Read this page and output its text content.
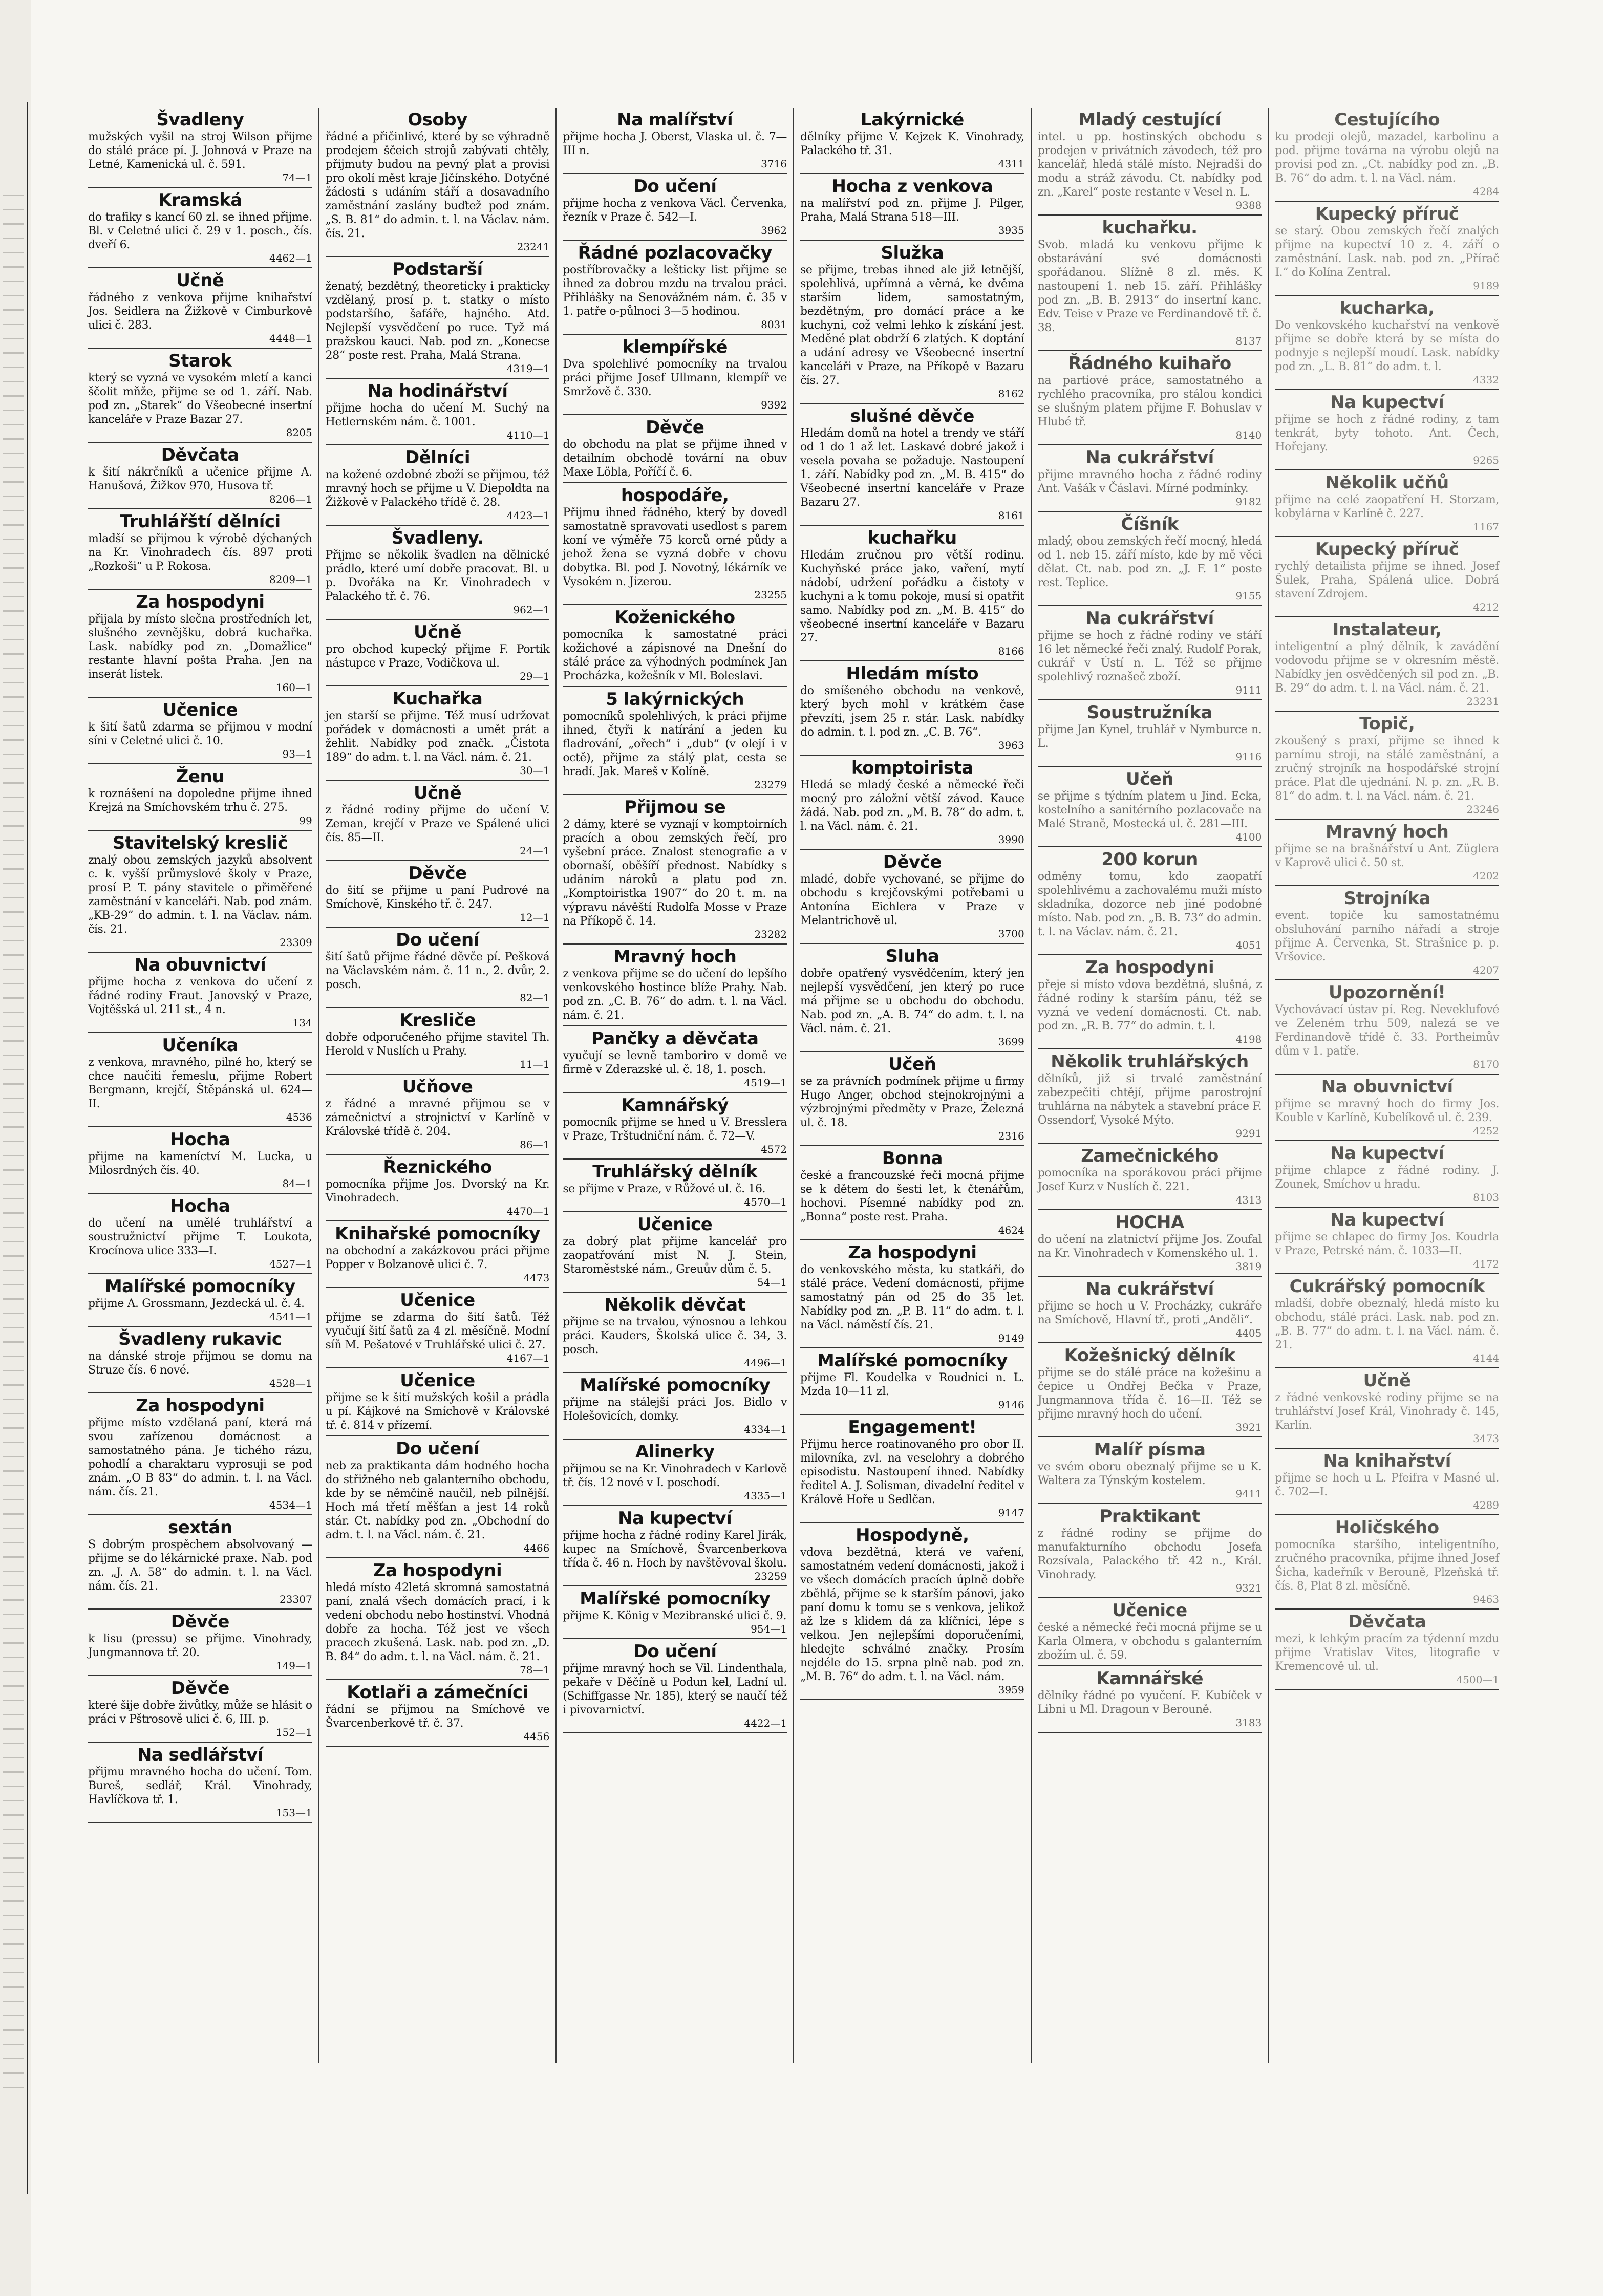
Švadleny

mužských vyšil na stroj Wilson přijme do stálé práce pí. J. Johnová v Praze na Letné, Kamenická ul. č. 591.

74—1

Kramská

do trafiky s kancí 60 zl. se ihned přijme. Bl. v Celetné ulici č. 29 v 1. posch., čís. dveří 6.

4462—1

Učně

řádného z venkova přijme knihařství Jos. Seidlera na Žižkově v Cimburkově ulici č. 283.

4448—1

Starok

který se vyzná ve vysokém mletí a kanci ščolit mňže, přijme se od 1. září. Nab. pod zn. „Starek“ do Všeobecné insertní kanceláře v Praze Bazar 27.

8205

Děvčata

k šití nákrčníků a učenice přijme A. Hanušová, Žižkov 970, Husova tř.

8206—1

Truhlářští dělníci

mladší se přijmou k výrobě dýchaných na Kr. Vinohradech čís. 897 proti „Rozkoši“ u P. Rokosa.

8209—1

Za hospodyni

přijala by místo slečna prostředních let, slušného zevnějšku, dobrá kuchařka. Lask. nabídky pod zn. „Domažlice“ restante hlavní pošta Praha. Jen na inserát lístek.

160—1

Učenice

k šití šatů zdarma se přijmou v modní síni v Celetné ulici č. 10.

93—1

Ženu

k roznášení na dopoledne přijme ihned Krejzá na Smíchovském trhu č. 275.

99

Stavitelský kreslič

znalý obou zemských jazyků absolvent c. k. vyšší průmyslové školy v Praze, prosí P. T. pány stavitele o přiměřené zaměstnání v kanceláři. Nab. pod znám. „KB-29“ do admin. t. l. na Václav. nám. čís. 21.

23309

Na obuvnictví

přijme hocha z venkova do učení z řádné rodiny Fraut. Janovský v Praze, Vojtěšská ul. 211 st., 4 n.

134

Učeníka

z venkova, mravného, pilné ho, který se chce naučiti řemeslu, přijme Robert Bergmann, krejčí, Štěpánská ul. 624—II.

4536

Hocha

přijme na kameníctví M. Lucka, u Milosrdných čís. 40.

84—1

Hocha

do učení na umělé truhlářství a soustružnictví přijme T. Loukota, Krocínova ulice 333—I.

4527—1

Malířské pomocníky

přijme A. Grossmann, Jezdecká ul. č. 4.

4541—1

Švadleny rukavic

na dánské stroje přijmou se domu na Struze čís. 6 nové.

4528—1

Za hospodyni

přijme místo vzdělaná paní, která má svou zařízenou domácnost a samostatného pána. Je tichého rázu, pohodlí a charaktaru vyprosuji se pod znám. „O B 83“ do admin. t. l. na Václ. nám. čís. 21.

4534—1

sextán

S dobrým prospěchem absolvovaný — přijme se do lékárnické praxe. Nab. pod zn. „J. A. 58“ do admin. t. l. na Václ. nám. čís. 21.

23307

Děvče

k lisu (pressu) se přijme. Vinohrady, Jungmannova tř. 20.

149—1

Děvče

které šije dobře živůtky, může se hlásit o práci v Pštrosově ulici č. 6, III. p.

152—1

Na sedlářství

přijmu mravného hocha do učení. Tom. Bureš, sedlář, Král. Vinohrady, Havlíčkova tř. 1.

153—1

Osoby

řádné a přičinlivé, které by se výhradně prodejem ščeich strojů zabývati chtěly, přijmuty budou na pevný plat a provisi pro okolí měst kraje Jičínského. Dotyčné žádosti s udáním stáří a dosavadního zaměstnání zaslány buďtež pod znám. „S. B. 81“ do admin. t. l. na Václav. nám. čís. 21.

23241

Podstarší

ženatý, bezdětný, theoreticky i prakticky vzdělaný, prosí p. t. statky o místo podstaršího, šafáře, hajného. Atd. Nejlepší vysvědčení po ruce. Tyž má pražskou kauci. Nab. pod zn. „Konecse 28“ poste rest. Praha, Malá Strana.

4319—1

Na hodinářství

přijme hocha do učení M. Suchý na Hetlernském nám. č. 1001.

4110—1

Dělníci

na kožené ozdobné zboží se přijmou, též mravný hoch se přijme u V. Diepoldta na Žižkově v Palackého třídě č. 28.

4423—1

Švadleny.

Přijme se několik švadlen na dělnické prádlo, které umí dobře pracovat. Bl. u p. Dvořáka na Kr. Vinohradech v Palackého tř. č. 76.

962—1

Učně

pro obchod kupecký přijme F. Portik nástupce v Praze, Vodičkova ul.

29—1

Kuchařka

jen starší se přijme. Též musí udržovat pořádek v domácnosti a umět prát a žehlit. Nabídky pod značk. „Čistota 189“ do adm. t. l. na Václ. nám. č. 21.

30—1

Učně

z řádné rodiny přijme do učení V. Zeman, krejčí v Praze ve Spálené ulici čís. 85—II.

24—1

Děvče

do šití se přijme u paní Pudrové na Smíchově, Kinského tř. č. 247.

12—1

Do učení

šití šatů přijme řádné děvče pí. Pešková na Václavském nám. č. 11 n., 2. dvůr, 2. posch.

82—1

Kresliče

dobře odporučeného přijme stavitel Th. Herold v Nuslích u Prahy.

11—1

Učňove

z řádné a mravné přijmou se v zámečnictví a strojnictví v Karlíně v Královské třídě č. 204.

86—1

Řeznického

pomocníka přijme Jos. Dvorský na Kr. Vinohradech.

4470—1

Knihařské pomocníky

na obchodní a zakázkovou práci přijme Popper v Bolzanově ulici č. 7.

4473

Učenice

přijme se zdarma do šití šatů. Též vyučují šití šatů za 4 zl. měsíčně. Modní síň M. Pešatové v Truhlářské ulici č. 27.

4167—1

Učenice

přijme se k šití mužských košil a prádla u pí. Kájkové na Smíchově v Královské tř. č. 814 v přízemí.

Do učení

neb za praktikanta dám hodného hocha do střižného neb galanterního obchodu, kde by se němčině naučil, neb pilnější. Hoch má třetí měšťan a jest 14 roků stár. Ct. nabídky pod zn. „Obchodní do adm. t. l. na Václ. nám. č. 21.

4466

Za hospodyni

hledá místo 42letá skromná samostatná paní, znalá všech domácích prací, i k vedení obchodu nebo hostinství. Vhodná dobře za hocha. Též jest ve všech pracech zkušená. Lask. nab. pod zn. „D. B. 84“ do adm. t. l. na Václ. nám. č. 21.

78—1

Kotlaři a zámečníci

řádní se přijmou na Smíchově ve Švarcenberkově tř. č. 37.

4456

Na malířství

přijme hocha J. Oberst, Vlaska ul. č. 7—III n.

3716

Do učení

přijme hocha z venkova Václ. Červenka, řezník v Praze č. 542—I.

3962

Řádné pozlacovačky

postříbrovačky a lešticky list přijme se ihned za dobrou mzdu na trvalou práci. Přihlášky na Senovážném nám. č. 35 v 1. patře o-půlnoci 3—5 hodinou.

8031

klempířské

Dva spolehlivé pomocníky na trvalou práci přijme Josef Ullmann, klempíř ve Smržově č. 330.

9392

Děvče

do obchodu na plat se přijme ihned v detailním obchodě tovární na obuv Maxe Löbla, Poříčí č. 6.

hospodáře,

Přijmu ihned řádného, který by dovedl samostatně spravovati usedlost s parem koní ve výměře 75 korců orné půdy a jehož žena se vyzná dobře v chovu dobytka. Bl. pod J. Novotný, lékárník ve Vysokém n. Jizerou.

23255

Koženického

pomocníka k samostatné práci kožichové a zápisnové na Dnešní do stálé práce za výhodných podmínek Jan Procházka, kožešník v Ml. Boleslavi.

5 lakýrnických

pomocníků spolehlivých, k práci přijme ihned, čtyři k natírání a jeden ku fladrování, „ořech“ i „dub“ (v olejí i v octě), přijme za stálý plat, cesta se hradí. Jak. Mareš v Kolíně.

23279

Přijmou se

2 dámy, které se vyznají v komptoirních pracích a obou zemských řečí, pro vyšební práce. Znalost stenografie a v obornaší, oběšíří přednost. Nabídky s udáním nároků a platu pod zn. „Komptoiristka 1907“ do 20 t. m. na výpravu návěští Rudolfa Mosse v Praze na Příkopě č. 14.

23282

Mravný hoch

z venkova přijme se do učení do lepšího venkovského hostince blíže Prahy. Nab. pod zn. „C. B. 76“ do adm. t. l. na Václ. nám. č. 21.

Pančky a děvčata

vyučují se levně tamboriro v domě ve firmě v Zderazské ul. č. 18, 1. posch.

4519—1

Kamnářský

pomocník přijme se hned u V. Bresslera v Praze, Trštudniční nám. č. 72—V.

4572

Truhlářský dělník

se přijme v Praze, v Růžové ul. č. 16.

4570—1

Učenice

za dobrý plat přijme kancelář pro zaopatřování míst N. J. Stein, Staroměstské nám., Greuův dům č. 5.

54—1

Několik děvčat

přijme se na trvalou, výnosnou a lehkou práci. Kauders, Školská ulice č. 34, 3. posch.

4496—1

Malířské pomocníky

přijme na stálejší práci Jos. Bidlo v Holešovicích, domky.

4334—1

Alinerky

přijmou se na Kr. Vinohradech v Karlově tř. čís. 12 nové v I. poschodí.

4335—1

Na kupectví

přijme hocha z řádné rodiny Karel Jirák, kupec na Smíchově, Švarcenberkova třída č. 46 n. Hoch by navštěvoval školu.

23259

Malířské pomocníky

přijme K. König v Mezibranské ulici č. 9.

954—1

Do učení

přijme mravný hoch se Vil. Lindenthala, pekaře v Děčíně u Podun kel, Ladní ul. (Schiffgasse Nr. 185), který se naučí též i pivovarnictví.

4422—1

Lakýrnické

dělníky přijme V. Kejzek K. Vinohrady, Palackého tř. 31.

4311

Hocha z venkova

na malířství pod zn. přijme J. Pilger, Praha, Malá Strana 518—III.

3935

Služka

se přijme, trebas ihned ale již letnější, spolehlivá, upřímná a věrná, ke dvěma starším lidem, samostatným, bezdětným, pro domácí práce a ke kuchyni, což velmi lehko k získání jest. Meděné plat obdrží 6 zlatých. K doptání a udání adresy ve Všeobecné insertní kanceláři v Praze, na Příkopě v Bazaru čís. 27.

8162

slušné děvče

Hledám domů na hotel a trendy ve stáří od 1 do 1 až let. Laskavé dobré jakož i vesela povaha se požaduje. Nastoupení 1. září. Nabídky pod zn. „M. B. 415“ do Všeobecné insertní kanceláře v Praze Bazaru 27.

8161

kuchařku

Hledám zručnou pro větší rodinu. Kuchyňské práce jako, vaření, mytí nádobí, udržení pořádku a čistoty v kuchyni a k tomu pokoje, musí si opatřit samo. Nabídky pod zn. „M. B. 415“ do všeobecné insertní kanceláře v Bazaru 27.

8166

Hledám místo

do smíšeného obchodu na venkově, který bych mohl v krátkém čase převzíti, jsem 25 r. stár. Lask. nabídky do admin. t. l. pod zn. „C. B. 76“.

3963

komptoirista

Hledá se mladý české a německé řeči mocný pro záložní větší závod. Kauce žádá. Nab. pod zn. „M. B. 78“ do adm. t. l. na Václ. nám. č. 21.

3990

Děvče

mladé, dobře vychované, se přijme do obchodu s krejčovskými potřebami u Antonína Eichlera v Praze v Melantrichově ul.

3700

Sluha

dobře opatřený vysvědčením, který jen nejlepší vysvědčení, jen který po ruce má přijme se u obchodu do obchodu. Nab. pod zn. „A. B. 74“ do adm. t. l. na Václ. nám. č. 21.

3699

Učeň

se za právních podmínek přijme u firmy Hugo Anger, obchod stejnokrojnými a výzbrojnými předměty v Praze, Železná ul. č. 18.

2316

Bonna

české a francouzské řeči mocná přijme se k dětem do šesti let, k čtenářům, hochovi. Písemné nabídky pod zn. „Bonna“ poste rest. Praha.

4624

Za hospodyni

do venkovského města, ku statkáři, do stálé práce. Vedení domácnosti, přijme samostatný pán od 25 do 35 let. Nabídky pod zn. „P. B. 11“ do adm. t. l. na Václ. náměstí čís. 21.

9149

Malířské pomocníky

přijme Fl. Koudelka v Roudnici n. L. Mzda 10—11 zl.

9146

Engagement!

Přijmu herce roatinovaného pro obor II. milovníka, zvl. na veselohry a dobrého episodistu. Nastoupení ihned. Nabídky ředitel A. J. Solisman, divadelní ředitel v Králově Hoře u Sedlčan.

9147

Hospodyně,

vdova bezdětná, která ve vaření, samostatném vedení domácnosti, jakož i ve všech domácích pracích úplně dobře zběhlá, přijme se k starším pánovi, jako paní domu k tomu se s venkova, jelikož až lze s klidem dá za klíčníci, lépe s velkou. Jen nejlepšími doporučeními, hledejte schválné značky. Prosím nejdéle do 15. srpna plně nab. pod zn. „M. B. 76“ do adm. t. l. na Václ. nám.

3959

Mladý cestující

intel. u pp. hostinských obchodu s prodejen v privátních závodech, též pro kancelář, hledá stálé místo. Nejradši do modu a stráž závodu. Ct. nabídky pod zn. „Karel“ poste restante v Vesel n. L.

9388

kuchařku.

Svob. mladá ku venkovu přijme k obstarávání své domácnosti spořádanou. Slížně 8 zl. měs. K nastoupení 1. neb 15. září. Přihlášky pod zn. „B. B. 2913“ do insertní kanc. Edv. Teise v Praze ve Ferdinandově tř. č. 38.

8137

Řádného kuihařo

na partiové práce, samostatného a rychlého pracovníka, pro stálou kondici se slušným platem přijme F. Bohuslav v Hlubé tř.

8140

Na cukrářství

přijme mravného hocha z řádné rodiny Ant. Vašák v Čáslavi. Mírné podmínky.

9182

Číšník

mladý, obou zemských řečí mocný, hledá od 1. neb 15. září místo, kde by mě věci dělat. Ct. nab. pod zn. „J. F. 1“ poste rest. Teplice.

9155

Na cukrářství

přijme se hoch z řádné rodiny ve stáří 16 let německé řeči znalý. Rudolf Porak, cukrář v Ústí n. L. Též se přijme spolehlivý roznašeč zboží.

9111

Soustružníka

přijme Jan Kynel, truhlář v Nymburce n. L.

9116

Učeň

se přijme s týdním platem u Jind. Ecka, kostelního a sanitérního pozlacovače na Malé Straně, Mostecká ul. č. 281—III.

4100

200 korun

odměny tomu, kdo zaopatří spolehlivému a zachovalému muži místo skladníka, dozorce neb jiné podobné místo. Nab. pod zn. „B. B. 73“ do admin. t. l. na Václav. nám. č. 21.

4051

Za hospodyni

přeje si místo vdova bezdětná, slušná, z řádné rodiny k starším pánu, též se vyzná ve vedení domácnosti. Ct. nab. pod zn. „R. B. 77“ do admin. t. l.

4198

Několik truhlářských

dělníků, již si trvalé zaměstnání zabezpečiti chtějí, přijme parostrojní truhlárna na nábytek a stavební práce F. Ossendorf, Vysoké Mýto.

9291

Zamečnického

pomocníka na sporákovou práci přijme Josef Kurz v Nuslích č. 221.

4313

HOCHA

do učení na zlatnictví přijme Jos. Zoufal na Kr. Vinohradech v Komenského ul. 1.

3819

Na cukrářství

přijme se hoch u V. Procházky, cukráře na Smíchově, Hlavní tř., proti „Anděli“.

4405

Kožešnický dělník

přijme se do stálé práce na kožešinu a čepice u Ondřej Bečka v Praze, Jungmannova třída č. 16—II. Též se přijme mravný hoch do učení.

3921

Malíř písma

ve svém oboru obeznalý přijme se u K. Waltera za Týnským kostelem.

9411

Praktikant

z řádné rodiny se přijme do manufakturního obchodu Josefa Rozsívala, Palackého tř. 42 n., Král. Vinohrady.

9321

Učenice

české a německé řeči mocná přijme se u Karla Olmera, v obchodu s galanterním zbožím ul. č. 59.

Kamnářské

dělníky řádné po vyučení. F. Kubíček v Libni u Ml. Dragoun v Berouně.

3183

Cestujícího

ku prodeji olejů, mazadel, karbolinu a pod. přijme továrna na výrobu olejů na provisi pod zn. „Ct. nabídky pod zn. „B. B. 76“ do adm. t. l. na Václ. nám.

4284

Kupecký příruč

se starý. Obou zemských řečí znalých přijme na kupectví 10 z. 4. září o zaměstnání. Lask. nab. pod zn. „Přírač I.“ do Kolína Zentral.

9189

kucharka,

Do venkovského kuchařství na venkově přijme se dobře která by se místa do podnyje s nejlepší moudí. Lask. nabídky pod zn. „L. B. 81“ do adm. t. l.

4332

Na kupectví

přijme se hoch z řádné rodiny, z tam tenkrát, byty tohoto. Ant. Čech, Hořejany.

9265

Několik učňů

přijme na celé zaopatření H. Storzam, kobylárna v Karlíně č. 227.

1167

Kupecký příruč

rychlý detailista přijme se ihned. Josef Šulek, Praha, Spálená ulice. Dobrá stavení Zdrojem.

4212

Instalateur,

inteligentní a plný dělník, k zavádění vodovodu přijme se v okresním městě. Nabídky jen osvědčených sil pod zn. „B. B. 29“ do adm. t. l. na Václ. nám. č. 21.

23231

Topič,

zkoušený s praxí, přijme se ihned k parnímu stroji, na stálé zaměstnání, a zručný strojník na hospodářské strojní práce. Plat dle ujednání. N. p. zn. „R. B. 81“ do adm. t. l. na Václ. nám. č. 21.

23246

Mravný hoch

přijme se na brašnářství u Ant. Züglera v Kaprově ulici č. 50 st.

4202

Strojníka

event. topiče ku samostatnému obsluhování parního nářadí a stroje přijme A. Červenka, St. Strašnice p. p. Vršovice.

4207

Upozornění!

Vychovávací ústav pí. Reg. Neveklufové ve Zeleném trhu 509, nalezá se ve Ferdinandově třídě č. 33. Portheimův dům v 1. patře.

8170

Na obuvnictví

přijme se mravný hoch do firmy Jos. Kouble v Karlíně, Kubelíkově ul. č. 239.

4252

Na kupectví

přijme chlapce z řádné rodiny. J. Zounek, Smíchov u hradu.

8103

Na kupectví

přijme se chlapec do firmy Jos. Koudrla v Praze, Petrské nám. č. 1033—II.

4172

Cukrářský pomocník

mladší, dobře obeznalý, hledá místo ku obchodu, stálé práci. Lask. nab. pod zn. „B. B. 77“ do adm. t. l. na Václ. nám. č. 21.

4144

Učně

z řádné venkovské rodiny přijme se na truhlářství Josef Král, Vinohrady č. 145, Karlín.

3473

Na knihařství

přijme se hoch u L. Pfeifra v Masné ul. č. 702—I.

4289

Holičského

pomocníka staršího, inteligentního, zručného pracovníka, přijme ihned Josef Šicha, kadeřník v Berouně, Plzeňská tř. čís. 8, Plat 8 zl. měsíčně.

9463

Děvčata

mezi, k lehkým pracím za týdenní mzdu přijme Vratislav Vites, litografie v Kremencově ul. ul.

4500—1
